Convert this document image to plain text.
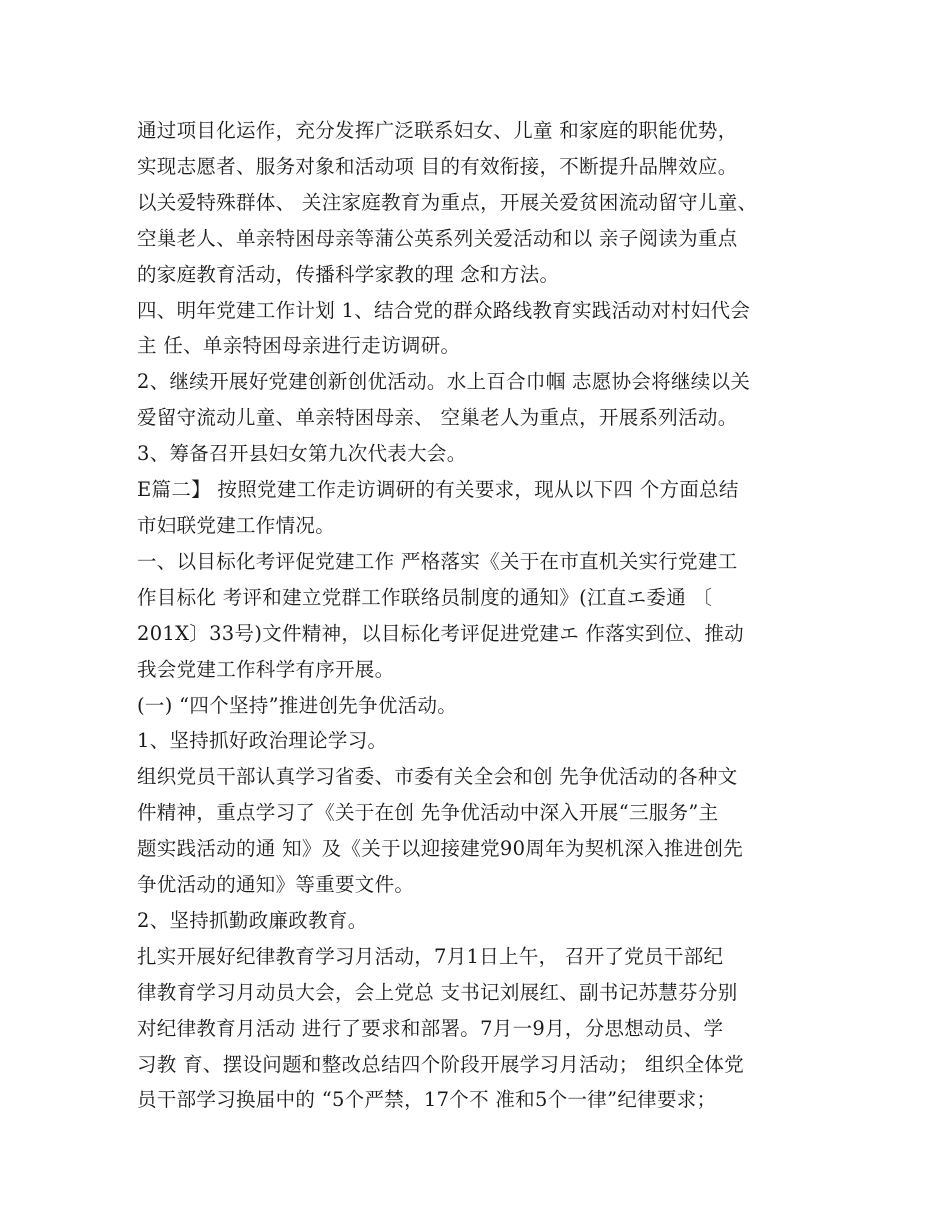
通过项目化运作，充分发挥广泛联系妇女、儿童 和家庭的职能优势，
实现志愿者、服务对象和活动项 目的有效衔接，不断提升品牌效应。
以关爱特殊群体、 关注家庭教育为重点，开展关爱贫困流动留守儿童、
空巢老人、单亲特困母亲等蒲公英系列关爱活动和以 亲子阅读为重点
的家庭教育活动，传播科学家教的理 念和方法。
四、明年党建工作计划 1、结合党的群众路线教育实践活动对村妇代会
主 任、单亲特困母亲进行走访调研。
2、继续开展好党建创新创优活动。水上百合巾帼 志愿协会将继续以关
爱留守流动儿童、单亲特困母亲、 空巢老人为重点，开展系列活动。
3、筹备召开县妇女第九次代表大会。
E篇二】 按照党建工作走访调研的有关要求，现从以下四 个方面总结
市妇联党建工作情况。
一、以目标化考评促党建工作 严格落实《关于在市直机关实行党建工
作目标化 考评和建立党群工作联络员制度的通知》(江直エ委通 〔
201X〕33号)文件精神，以目标化考评促进党建エ 作落实到位、推动
我会党建工作科学有序开展。
(一) “四个坚持”推进创先争优活动。
1、坚持抓好政治理论学习。
组织党员干部认真学习省委、市委有关全会和创 先争优活动的各种文
件精神，重点学习了《关于在创 先争优活动中深入开展“三服务”主
题实践活动的通 知》及《关于以迎接建党90周年为契机深入推进创先
争优活动的通知》等重要文件。
2、坚持抓勤政廉政教育。
扎实开展好纪律教育学习月活动，7月1日上午， 召开了党员干部纪
律教育学习月动员大会，会上党总 支书记刘展红、副书记苏慧芬分别
对纪律教育月活动 进行了要求和部署。7月一9月，分思想动员、学
习教 育、摆设问题和整改总结四个阶段开展学习月活动； 组织全体党
员干部学习换届中的 “5个严禁，17个不 准和5个一律”纪律要求；
